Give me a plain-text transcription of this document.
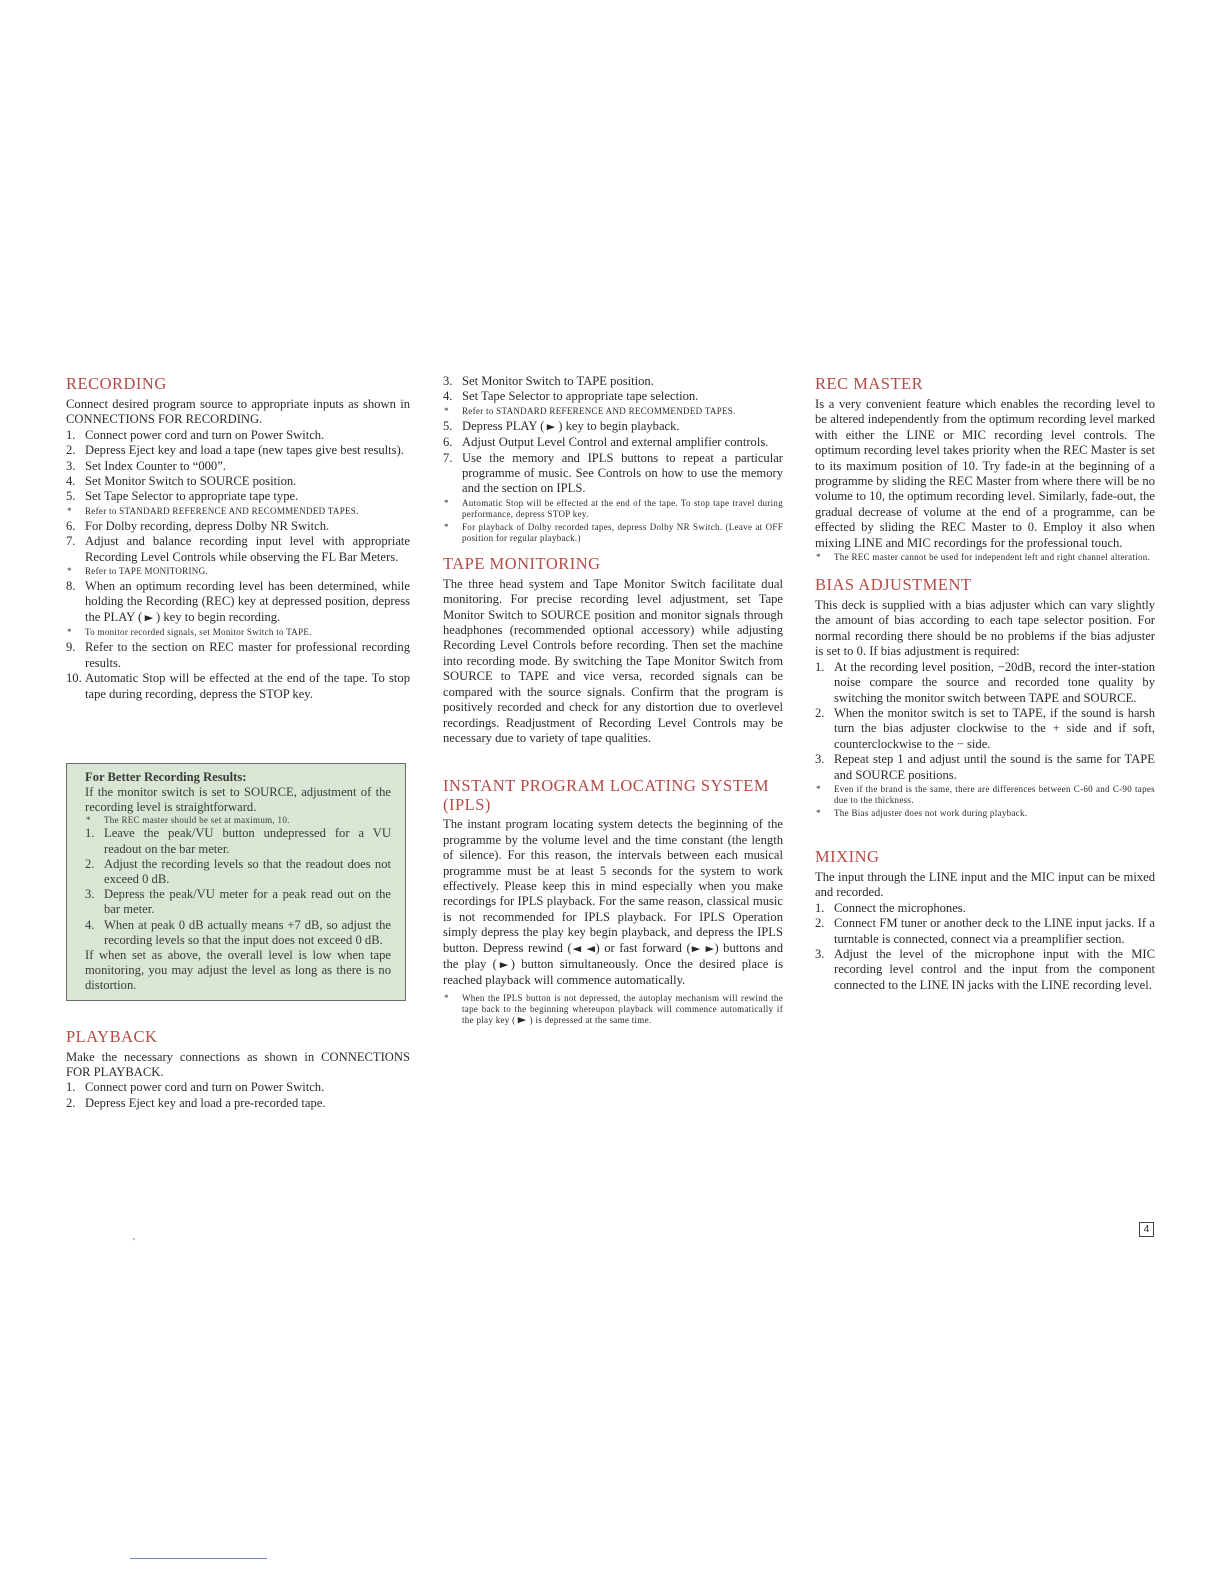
RECORDING

Connect desired program source to appropriate inputs as shown in CONNECTIONS FOR RECORDING.

1. Connect power cord and turn on Power Switch.
2. Depress Eject key and load a tape (new tapes give best results).
3. Set Index Counter to “000”.
4. Set Monitor Switch to SOURCE position.
5. Set Tape Selector to appropriate tape type.
* Refer to STANDARD REFERENCE AND RECOMMENDED TAPES.
6. For Dolby recording, depress Dolby NR Switch.
7. Adjust and balance recording input level with appropriate Recording Level Controls while observing the FL Bar Meters.
* Refer to TAPE MONITORING.
8. When an optimum recording level has been determined, while holding the Recording (REC) key at depressed position, depress the PLAY (►) key to begin recording.
* To monitor recorded signals, set Monitor Switch to TAPE.
9. Refer to the section on REC master for professional recording results.
10. Automatic Stop will be effected at the end of the tape. To stop tape during recording, depress the STOP key.
For Better Recording Results:

If the monitor switch is set to SOURCE, adjustment of the recording level is straightforward.

* The REC master should be set at maximum, 10.
1. Leave the peak/VU button undepressed for a VU readout on the bar meter.
2. Adjust the recording levels so that the readout does not exceed 0 dB.
3. Depress the peak/VU meter for a peak read out on the bar meter.
4. When at peak 0 dB actually means +7 dB, so adjust the recording levels so that the input does not exceed 0 dB.

If when set as above, the overall level is low when tape monitoring, you may adjust the level as long as there is no distortion.

PLAYBACK

Make the necessary connections as shown in CONNECTIONS FOR PLAYBACK.

1. Connect power cord and turn on Power Switch.
2. Depress Eject key and load a pre-recorded tape.
3. Set Monitor Switch to TAPE position.
4. Set Tape Selector to appropriate tape selection.
* Refer to STANDARD REFERENCE AND RECOMMENDED TAPES.
5. Depress PLAY (►) key to begin playback.
6. Adjust Output Level Control and external amplifier controls.
7. Use the memory and IPLS buttons to repeat a particular programme of music. See Controls on how to use the memory and the section on IPLS.
* Automatic Stop will be effected at the end of the tape. To stop tape travel during performance, depress STOP key.
* For playback of Dolby recorded tapes, depress Dolby NR Switch. (Leave at OFF position for regular playback.)
TAPE MONITORING

The three head system and Tape Monitor Switch facilitate dual monitoring. For precise recording level adjustment, set Tape Monitor Switch to SOURCE position and monitor signals through headphones (recommended optional accessory) while adjusting Recording Level Controls before recording. Then set the machine into recording mode. By switching the Tape Monitor Switch from SOURCE to TAPE and vice versa, recorded signals can be compared with the source signals. Confirm that the program is positively recorded and check for any distortion due to overlevel recordings. Readjustment of Recording Level Controls may be necessary due to variety of tape qualities.

INSTANT PROGRAM LOCATING SYSTEM (IPLS)

The instant program locating system detects the beginning of the programme by the volume level and the time constant (the length of silence). For this reason, the intervals between each musical programme must be at least 5 seconds for the system to work effectively. Please keep this in mind especially when you make recordings for IPLS playback. For the same reason, classical music is not recommended for IPLS playback. For IPLS Operation simply depress the play key begin playback, and depress the IPLS button. Depress rewind (◄◄) or fast forward (►►) buttons and the play (►) button simultaneously. Once the desired place is reached playback will commence automatically.

* When the IPLS button is not depressed, the autoplay mechanism will rewind the tape back to the beginning whereupon playback will commence automatically if the play key (►) is depressed at the same time.
REC MASTER

Is a very convenient feature which enables the recording level to be altered independently from the optimum recording level marked with either the LINE or MIC recording level controls. The optimum recording level takes priority when the REC Master is set to its maximum position of 10. Try fade-in at the beginning of a programme by sliding the REC Master from where there will be no volume to 10, the optimum recording level. Similarly, fade-out, the gradual decrease of volume at the end of a programme, can be effected by sliding the REC Master to 0. Employ it also when mixing LINE and MIC recordings for the professional touch.

* The REC master cannot be used for independent left and right channel alteration.
BIAS ADJUSTMENT

This deck is supplied with a bias adjuster which can vary slightly the amount of bias according to each tape selector position. For normal recording there should be no problems if the bias adjuster is set to 0. If bias adjustment is required:

1. At the recording level position, −20dB, record the inter-station noise compare the source and recorded tone quality by switching the monitor switch between TAPE and SOURCE.
2. When the monitor switch is set to TAPE, if the sound is harsh turn the bias adjuster clockwise to the + side and if soft, counterclockwise to the − side.
3. Repeat step 1 and adjust until the sound is the same for TAPE and SOURCE positions.
* Even if the brand is the same, there are differences between C-60 and C-90 tapes due to the thickness.
* The Bias adjuster does not work during playback.
MIXING

The input through the LINE input and the MIC input can be mixed and recorded.

1. Connect the microphones.
2. Connect FM tuner or another deck to the LINE input jacks. If a turntable is connected, connect via a preamplifier section.
3. Adjust the level of the microphone input with the MIC recording level control and the input from the component connected to the LINE IN jacks with the LINE recording level.
′
4
